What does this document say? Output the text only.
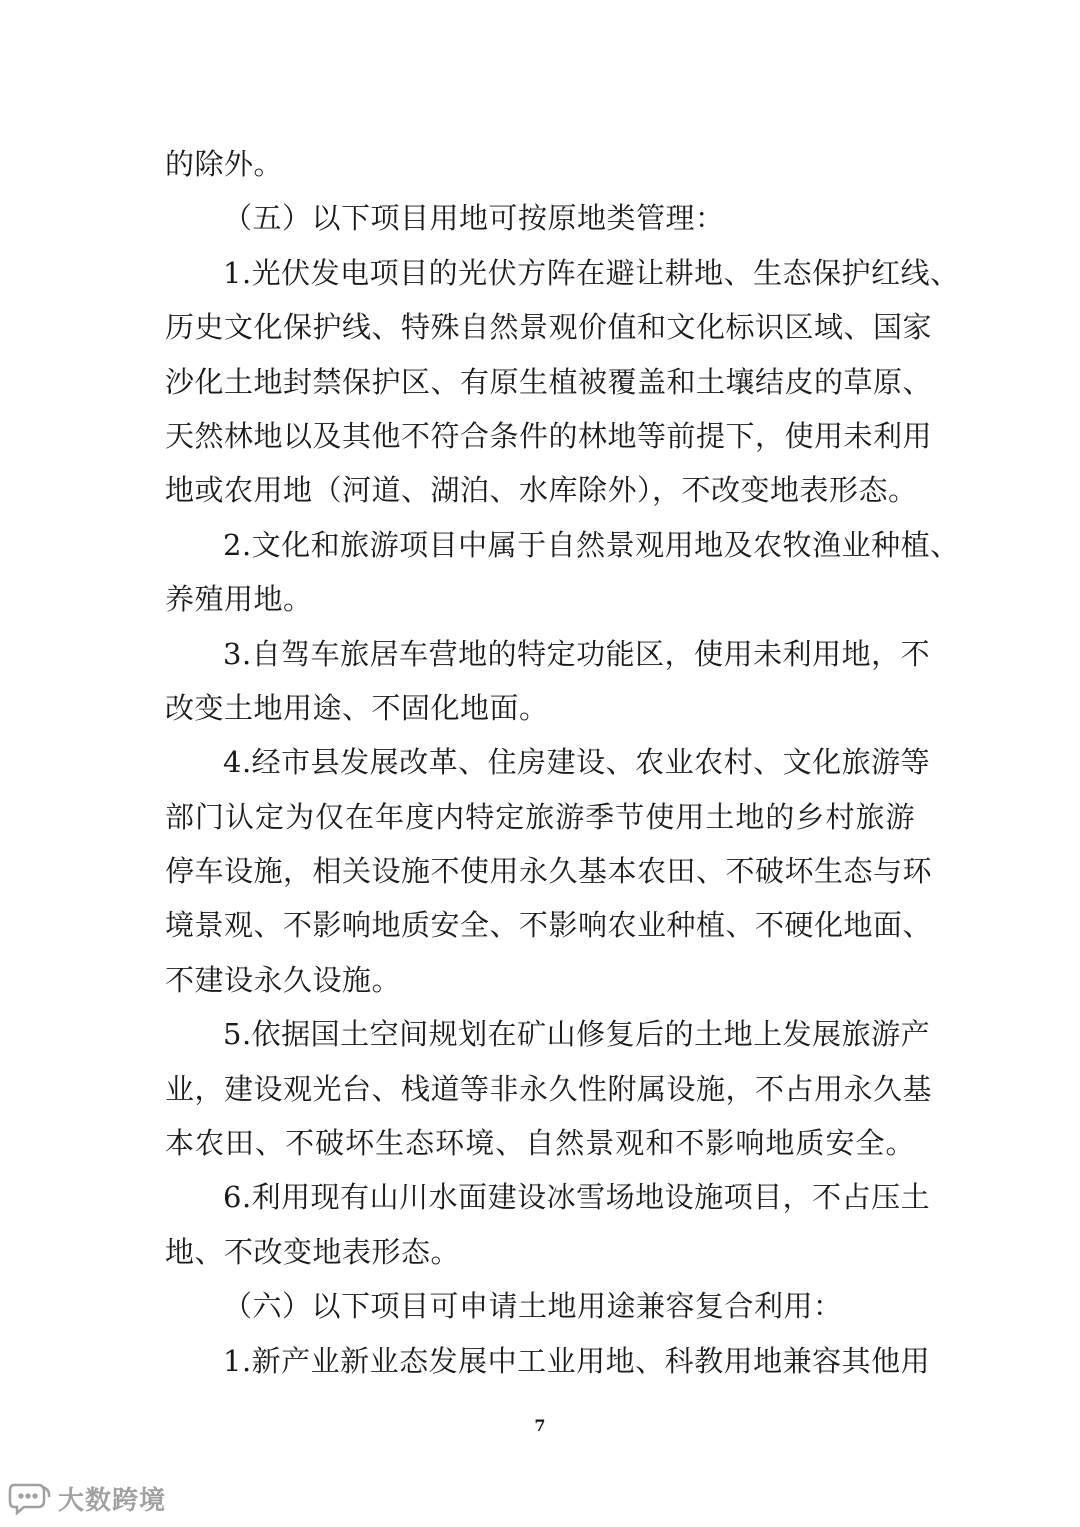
的除外。
（五）以下项目用地可按原地类管理：
1.光伏发电项目的光伏方阵在避让耕地、生态保护红线、
历史文化保护线、特殊自然景观价值和文化标识区域、国家
沙化土地封禁保护区、有原生植被覆盖和土壤结皮的草原、
天然林地以及其他不符合条件的林地等前提下，使用未利用
地或农用地（河道、湖泊、水库除外），不改变地表形态。
2.文化和旅游项目中属于自然景观用地及农牧渔业种植、
养殖用地。
3.自驾车旅居车营地的特定功能区，使用未利用地，不
改变土地用途、不固化地面。
4.经市县发展改革、住房建设、农业农村、文化旅游等
部门认定为仅在年度内特定旅游季节使用土地的乡村旅游
停车设施，相关设施不使用永久基本农田、不破坏生态与环
境景观、不影响地质安全、不影响农业种植、不硬化地面、
不建设永久设施。
5.依据国土空间规划在矿山修复后的土地上发展旅游产
业，建设观光台、栈道等非永久性附属设施，不占用永久基
本农田、不破坏生态环境、自然景观和不影响地质安全。
6.利用现有山川水面建设冰雪场地设施项目，不占压土
地、不改变地表形态。
（六）以下项目可申请土地用途兼容复合利用：
1.新产业新业态发展中工业用地、科教用地兼容其他用
7
大数跨境
